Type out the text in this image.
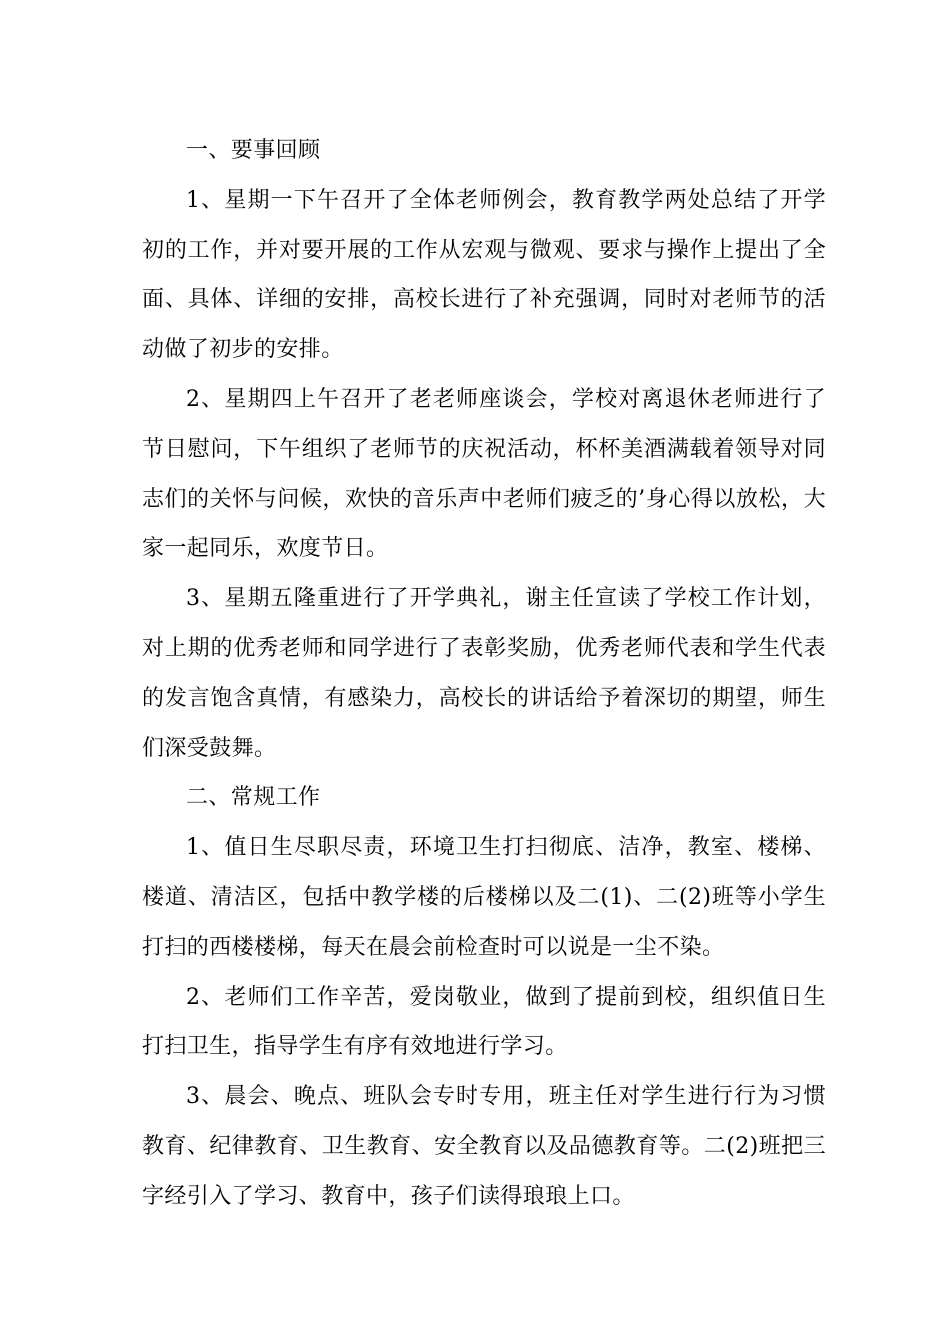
一、要事回顾

1、星期一下午召开了全体老师例会，教育教学两处总结了开学初的工作，并对要开展的工作从宏观与微观、要求与操作上提出了全面、具体、详细的安排，高校长进行了补充强调，同时对老师节的活动做了初步的安排。

2、星期四上午召开了老老师座谈会，学校对离退休老师进行了节日慰问，下午组织了老师节的庆祝活动，杯杯美酒满载着领导对同志们的关怀与问候，欢快的音乐声中老师们疲乏的’身心得以放松，大家一起同乐，欢度节日。

3、星期五隆重进行了开学典礼，谢主任宣读了学校工作计划，对上期的优秀老师和同学进行了表彰奖励，优秀老师代表和学生代表的发言饱含真情，有感染力，高校长的讲话给予着深切的期望，师生们深受鼓舞。

二、常规工作

1、值日生尽职尽责，环境卫生打扫彻底、洁净，教室、楼梯、楼道、清洁区，包括中教学楼的后楼梯以及二(1)、二(2)班等小学生打扫的西楼楼梯，每天在晨会前检查时可以说是一尘不染。

2、老师们工作辛苦，爱岗敬业，做到了提前到校，组织值日生打扫卫生，指导学生有序有效地进行学习。

3、晨会、晚点、班队会专时专用，班主任对学生进行行为习惯教育、纪律教育、卫生教育、安全教育以及品德教育等。二(2)班把三字经引入了学习、教育中，孩子们读得琅琅上口。
